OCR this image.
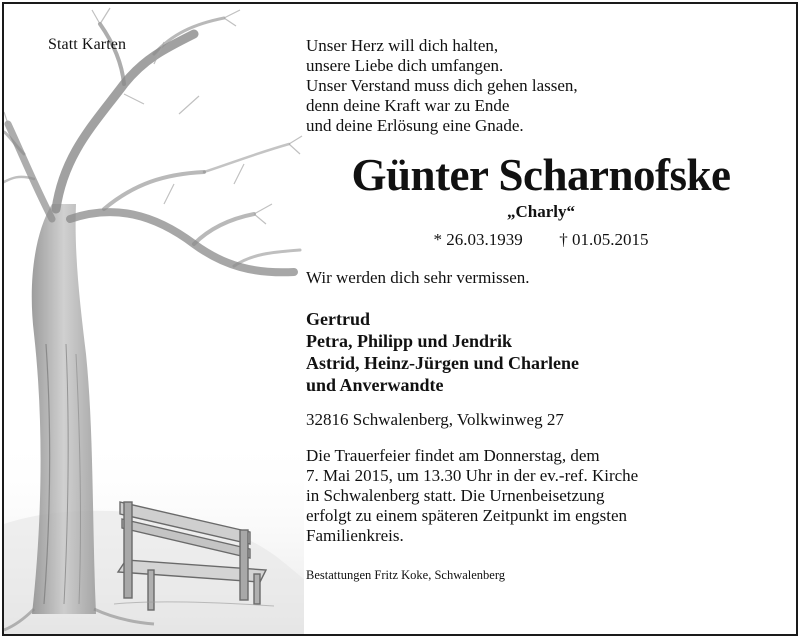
Statt Karten	Unser Herz will dich halten,
unsere Liebe dich umfangen.
Unser Verstand muss dich gehen lassen,
denn deine Kraft war zu Ende
und deine Erlösung eine Gnade.
Günter Scharnofske
„Charly“
* 26.03.1939 † 01.05.2015
Wir werden dich sehr vermissen.
Gertrud
Petra, Philipp und Jendrik
Astrid, Heinz-Jürgen und Charlene
und Anverwandte
32816 Schwalenberg, Volkwinweg 27
Die Trauerfeier findet am Donnerstag, dem
7. Mai 2015, um 13.30 Uhr in der ev.-ref. Kirche
in Schwalenberg statt. Die Urnenbeisetzung
erfolgt zu einem späteren Zeitpunkt im engsten
Familienkreis.
Bestattungen Fritz Koke, Schwalenberg
